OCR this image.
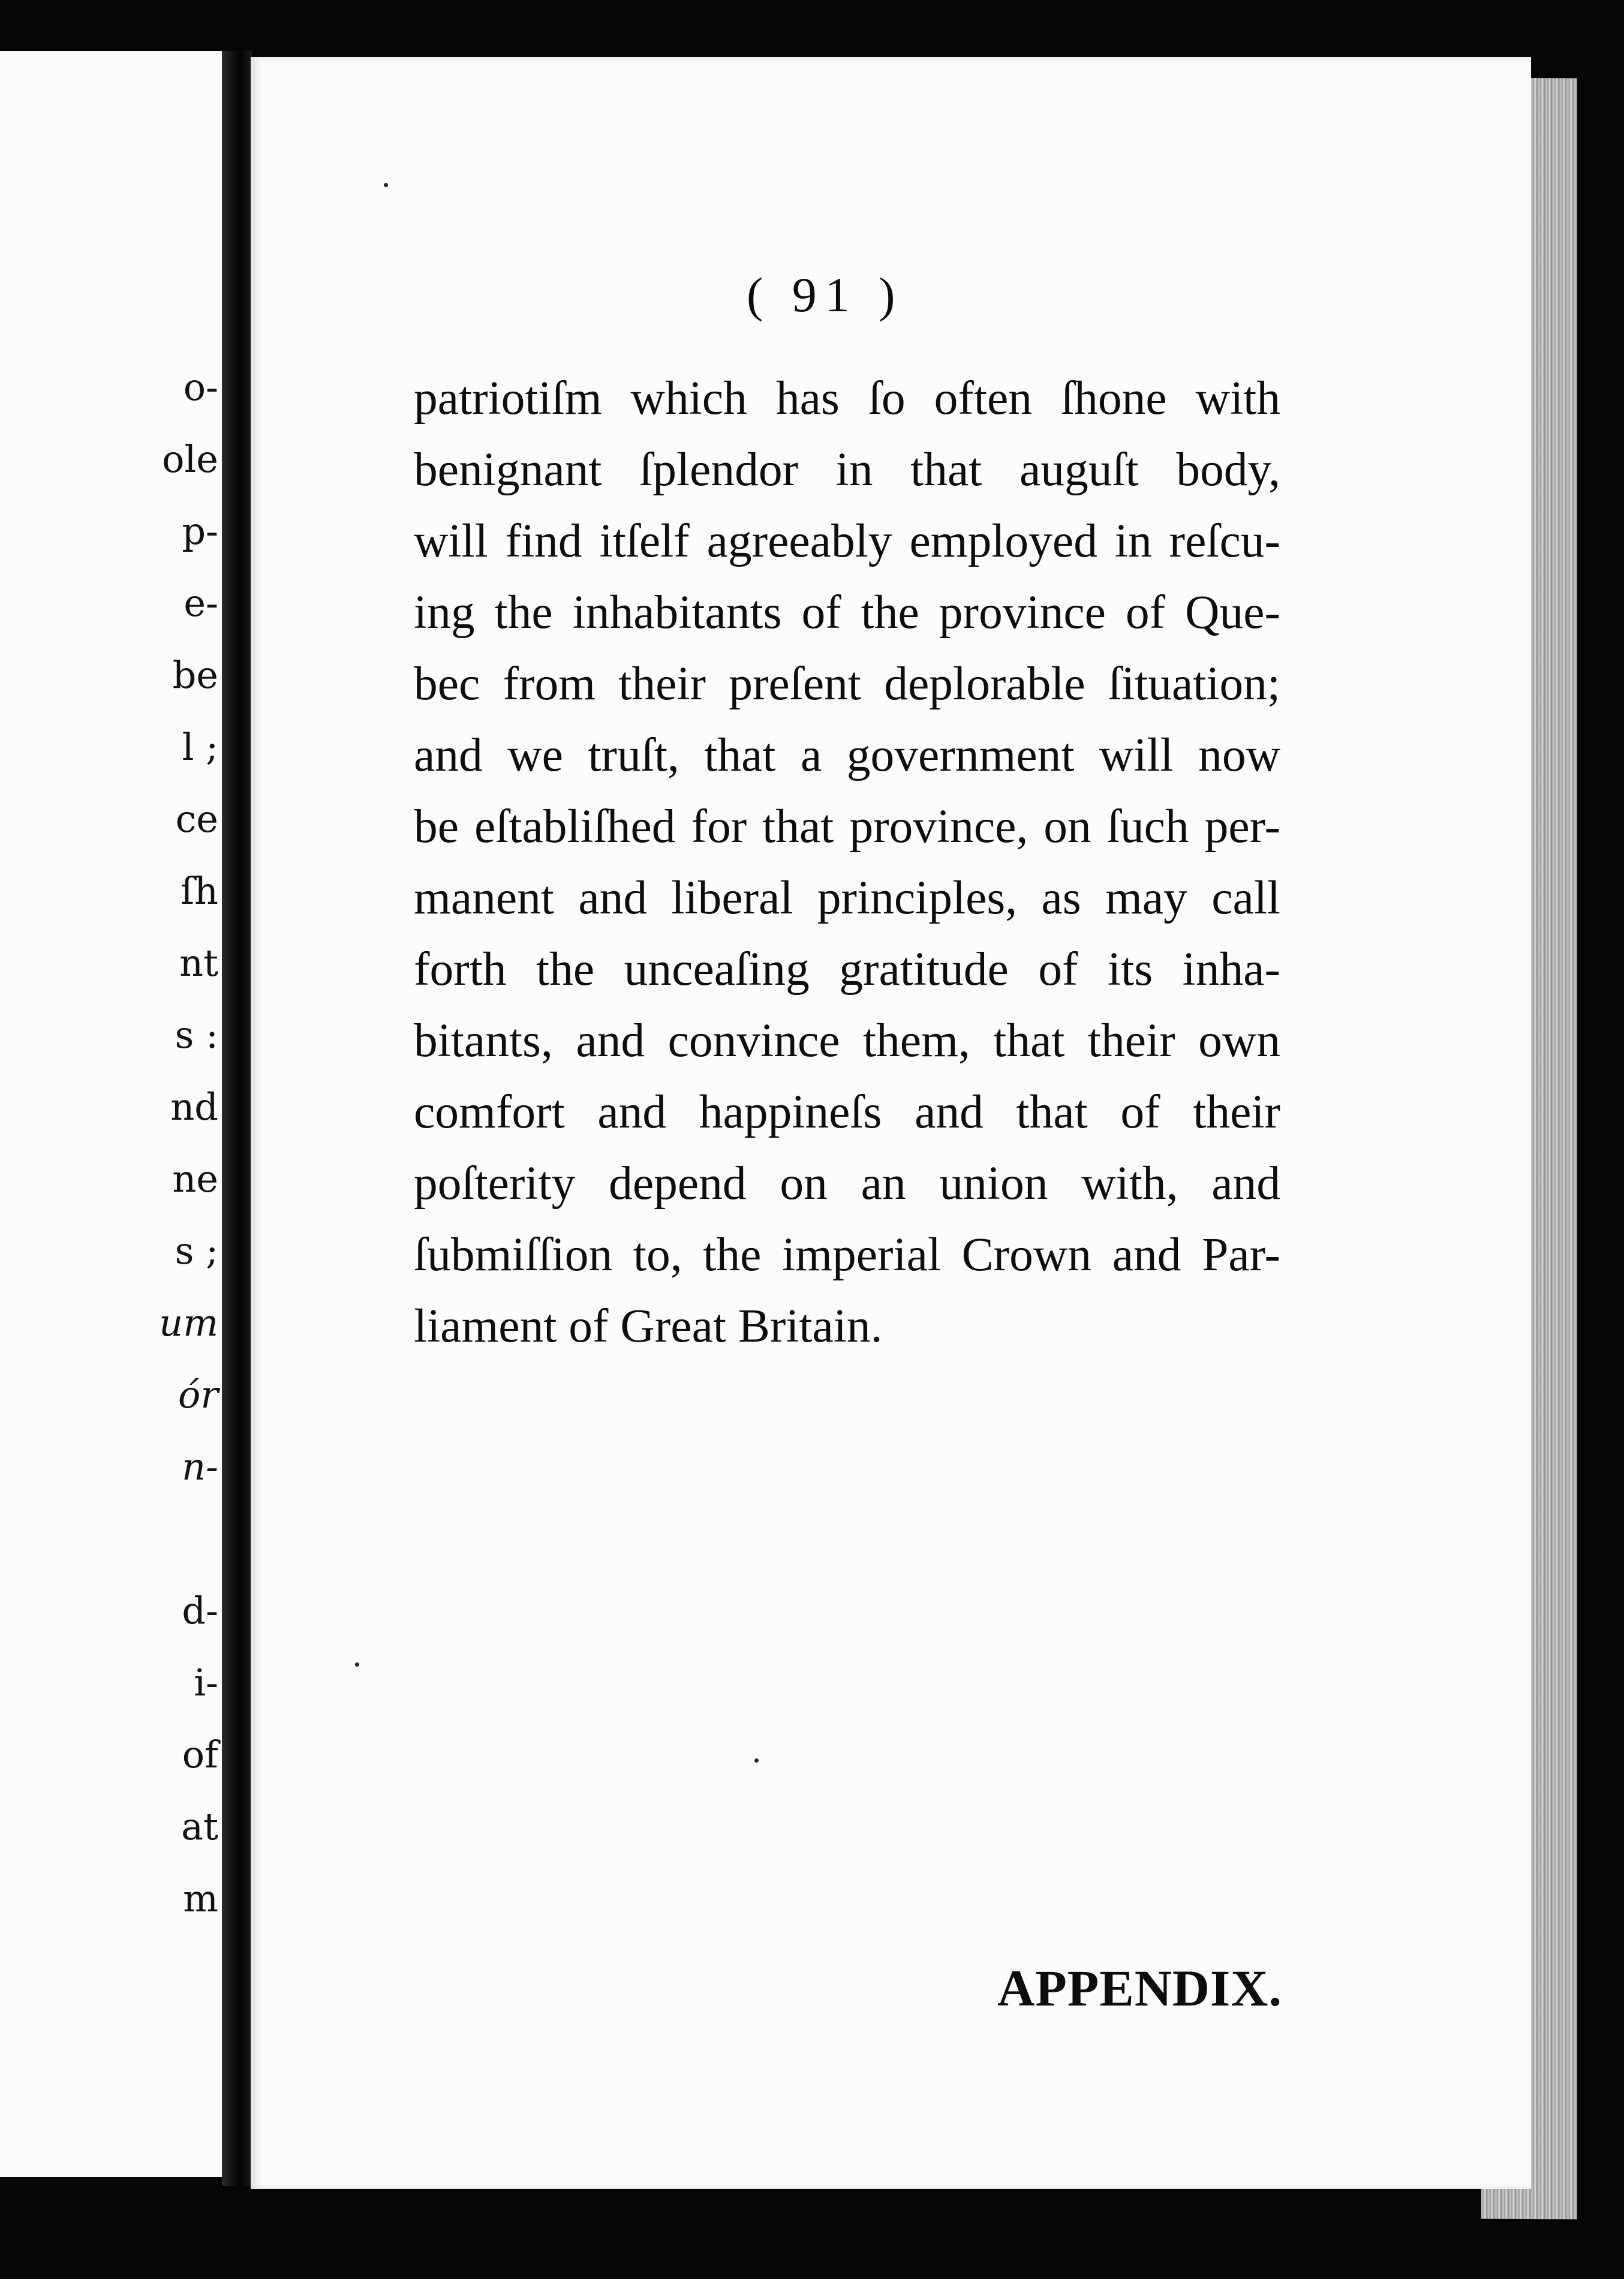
o-
ole
p-
e-
be
l ;
ce
ſh
nt
s :
nd
ne
s ;
um
ór
n-
d-
i-
of
at
m
( 91 )
patriotiſm which has ſo often ſhone with
benignant ſplendor in that auguſt body,
will find itſelf agreeably employed in reſcu-
ing the inhabitants of the province of Que-
bec from their preſent deplorable ſituation;
and we truſt, that a government will now
be eſtabliſhed for that province, on ſuch per-
manent and liberal principles, as may call
forth the unceaſing gratitude of its inha-
bitants, and convince them, that their own
comfort and happineſs and that of their
poſterity depend on an union with, and
ſubmiſſion to, the imperial Crown and Par-
liament of Great Britain.
APPENDIX.
